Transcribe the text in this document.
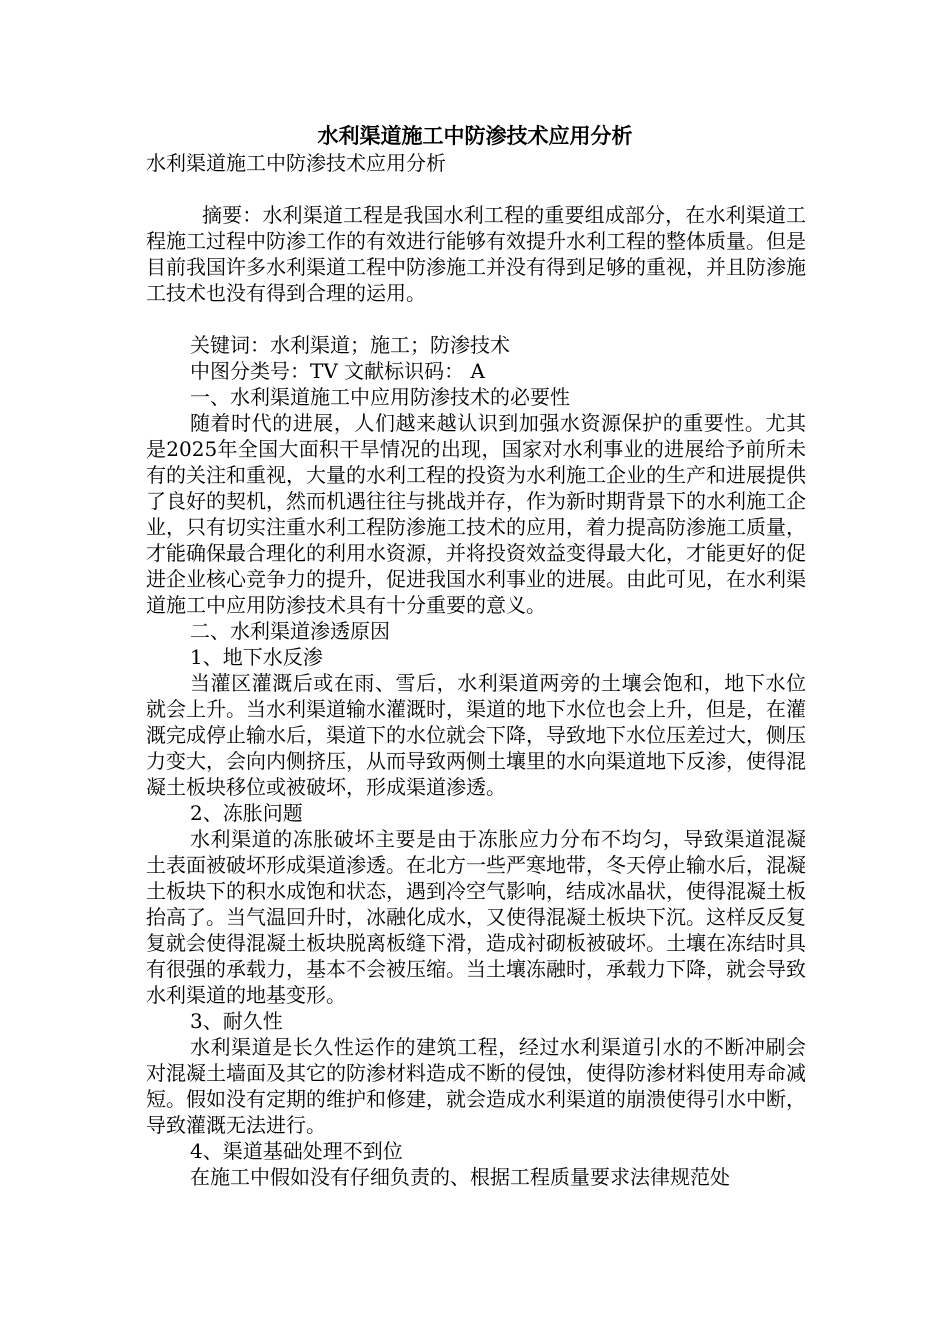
水利渠道施工中防渗技术应用分析

水利渠道施工中防渗技术应用分析

摘要：水利渠道工程是我国水利工程的重要组成部分，在水利渠道工程施工过程中防渗工作的有效进行能够有效提升水利工程的整体质量。但是目前我国许多水利渠道工程中防渗施工并没有得到足够的重视，并且防渗施工技术也没有得到合理的运用。

关键词：水利渠道；施工；防渗技术

中图分类号：TV 文献标识码： A

一、水利渠道施工中应用防渗技术的必要性

随着时代的进展，人们越来越认识到加强水资源保护的重要性。尤其是2025年全国大面积干旱情况的出现，国家对水利事业的进展给予前所未有的关注和重视，大量的水利工程的投资为水利施工企业的生产和进展提供了良好的契机，然而机遇往往与挑战并存，作为新时期背景下的水利施工企业，只有切实注重水利工程防渗施工技术的应用，着力提高防渗施工质量，才能确保最合理化的利用水资源，并将投资效益变得最大化，才能更好的促进企业核心竞争力的提升，促进我国水利事业的进展。由此可见，在水利渠道施工中应用防渗技术具有十分重要的意义。

二、水利渠道渗透原因

1、地下水反渗

当灌区灌溉后或在雨、雪后，水利渠道两旁的土壤会饱和，地下水位就会上升。当水利渠道输水灌溉时，渠道的地下水位也会上升，但是，在灌溉完成停止输水后，渠道下的水位就会下降，导致地下水位压差过大，侧压力变大，会向内侧挤压，从而导致两侧土壤里的水向渠道地下反渗，使得混凝土板块移位或被破坏，形成渠道渗透。

2、冻胀问题

水利渠道的冻胀破坏主要是由于冻胀应力分布不均匀，导致渠道混凝土表面被破坏形成渠道渗透。在北方一些严寒地带，冬天停止输水后，混凝土板块下的积水成饱和状态，遇到冷空气影响，结成冰晶状，使得混凝土板抬高了。当气温回升时，冰融化成水，又使得混凝土板块下沉。这样反反复复就会使得混凝土板块脱离板缝下滑，造成衬砌板被破坏。土壤在冻结时具有很强的承载力，基本不会被压缩。当土壤冻融时，承载力下降，就会导致水利渠道的地基变形。

3、耐久性

水利渠道是长久性运作的建筑工程，经过水利渠道引水的不断冲刷会对混凝土墙面及其它的防渗材料造成不断的侵蚀，使得防渗材料使用寿命减短。假如没有定期的维护和修建，就会造成水利渠道的崩溃使得引水中断，导致灌溉无法进行。

4、渠道基础处理不到位

在施工中假如没有仔细负责的、根据工程质量要求法律规范处
